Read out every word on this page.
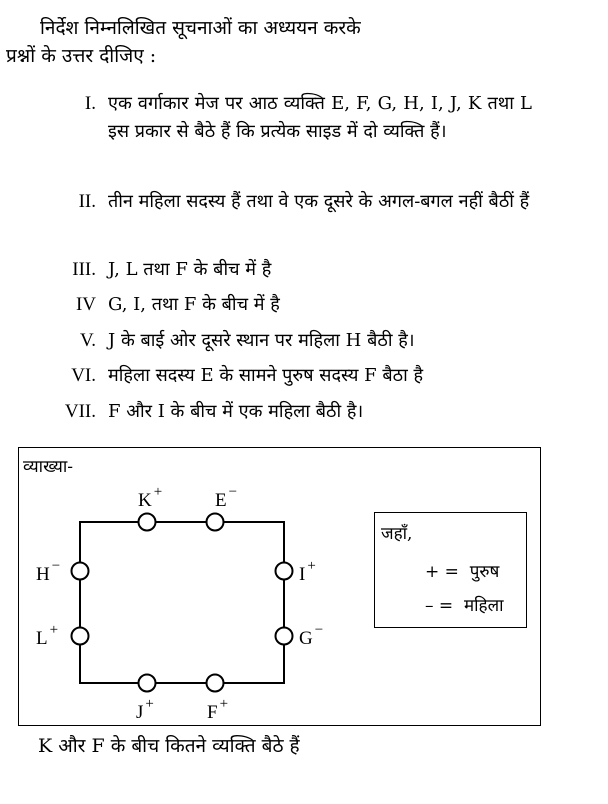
निर्देश निम्नलिखित सूचनाओं का अध्ययन करके
प्रश्नों के उत्तर दीजिए :
I. एक वर्गाकार मेज पर आठ व्यक्ति E, F, G, H, I, J, K तथा L इस प्रकार से बैठे हैं कि प्रत्येक साइड में दो व्यक्ति हैं।
II. तीन महिला सदस्य हैं तथा वे एक दूसरे के अगल-बगल नहीं बैठीं हैं
III. J, L तथा F के बीच में है
IV G, I, तथा F के बीच में है
V. J के बाई ओर दूसरे स्थान पर महिला H बैठी है।
VI. महिला सदस्य E के सामने पुरुष सदस्य F बैठा है
VII. F और I के बीच में एक महिला बैठी है।
व्याख्या-
K +	E −
H −	I +
L +	G −
J +	F +
जहाँ,
+ = पुरुष
– = महिला
K और F के बीच कितने व्यक्ति बैठे हैं
